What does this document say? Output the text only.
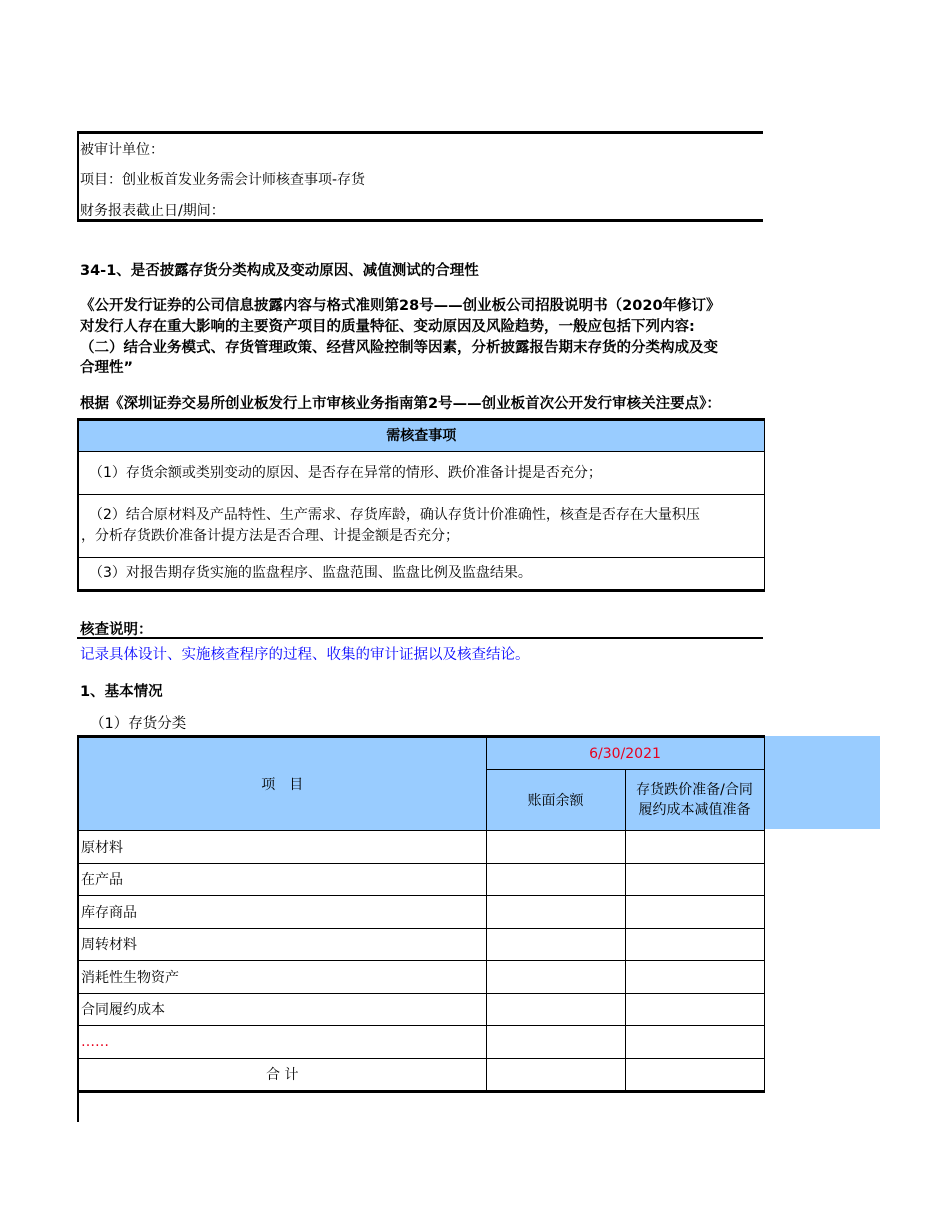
被审计单位：
项目：创业板首发业务需会计师核查事项-存货
财务报表截止日/期间：
34-1、是否披露存货分类构成及变动原因、减值测试的合理性
《公开发行证券的公司信息披露内容与格式准则第28号——创业板公司招股说明书（2020年修订》
对发行人存在重大影响的主要资产项目的质量特征、变动原因及风险趋势，一般应包括下列内容:
（二）结合业务模式、存货管理政策、经营风险控制等因素，分析披露报告期末存货的分类构成及变
合理性”
根据《深圳证券交易所创业板发行上市审核业务指南第2号——创业板首次公开发行审核关注要点》：
需核查事项
（1）存货余额或类别变动的原因、是否存在异常的情形、跌价准备计提是否充分；

（2）结合原材料及产品特性、生产需求、存货库龄，确认存货计价准确性，核查是否存在大量积压
，分析存货跌价准备计提方法是否合理、计提金额是否充分；

（3）对报告期存货实施的监盘程序、监盘范围、监盘比例及监盘结果。
核查说明：
记录具体设计、实施核查程序的过程、收集的审计证据以及核查结论。
1、基本情况
（1）存货分类
项　目	6/30/2021	
	账面余额	存货跌价准备/合同
履约成本减值准备

原材料		
在产品		
库存商品		
周转材料		
消耗性生物资产		
合同履约成本		
……		
合 计		
